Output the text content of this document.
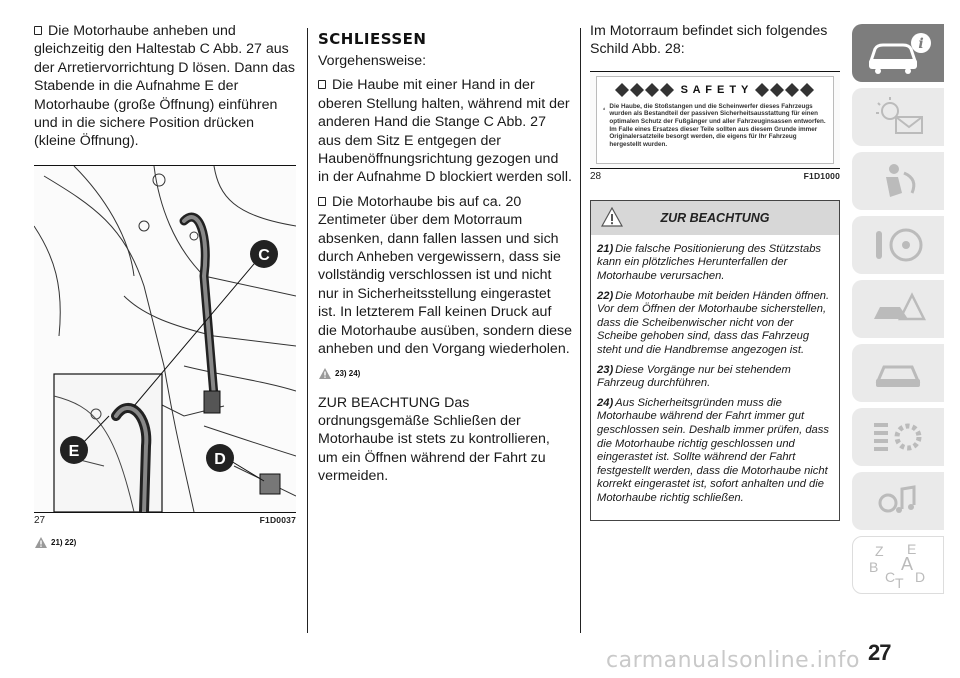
Die Motorhaube anheben und gleichzeitig den Haltestab C Abb. 27 aus der Arretiervorrichtung D lösen. Dann das Stabende in die Aufnahme E der Motorhaube (große Öffnung) einführen und in die sichere Position drücken (kleine Öffnung).

C
E	D
27	F1D0037
21) 22)
SCHLIESSEN

Vorgehensweise:

Die Haube mit einer Hand in der oberen Stellung halten, während mit der anderen Hand die Stange C Abb. 27 aus dem Sitz E entgegen der Haubenöffnungsrichtung gezogen und in der Aufnahme D blockiert werden soll.

Die Motorhaube bis auf ca. 20 Zentimeter über dem Motorraum absenken, dann fallen lassen und sich durch Anheben vergewissern, dass sie vollständig verschlossen ist und nicht nur in Sicherheitsstellung eingerastet ist. In letzterem Fall keinen Druck auf die Motorhaube ausüben, sondern diese anheben und den Vorgang wiederholen.

23) 24)

ZUR BEACHTUNG Das ordnungsgemäße Schließen der Motorhaube ist stets zu kontrollieren, um ein Öffnen während der Fahrt zu vermeiden.

Im Motorraum befindet sich folgendes Schild Abb. 28:

S A F E T Y

Die Haube, die Stoßstangen und die Scheinwerfer dieses Fahrzeugs wurden als Bestandteil der passiven Sicherheitsausstattung für einen optimalen Schutz der Fußgänger und aller Fahrzeuginsassen entworfen. Im Falle eines Ersatzes dieser Teile sollten aus diesem Grunde immer Originalersatzteile besorgt werden, die eigens für Ihr Fahrzeug hergestellt wurden.

28	F1D1000
ZUR BEACHTUNG

21) Die falsche Positionierung des Stützstabs kann ein plötzliches Herunterfallen der Motorhaube verursachen.

22) Die Motorhaube mit beiden Händen öffnen. Vor dem Öffnen der Motorhaube sicherstellen, dass die Scheibenwischer nicht von der Scheibe gehoben sind, dass das Fahrzeug steht und die Handbremse angezogen ist.

23) Diese Vorgänge nur bei stehendem Fahrzeug durchführen.

24) Aus Sicherheitsgründen muss die Motorhaube während der Fahrt immer gut geschlossen sein. Deshalb immer prüfen, dass die Motorhaube richtig geschlossen und eingerastet ist. Sollte während der Fahrt festgestellt werden, dass die Motorhaube nicht korrekt eingerastet ist, sofort anhalten und die Motorhaube richtig schließen.

i
Z E
B A
C D
T
27
carmanualsonline.info
